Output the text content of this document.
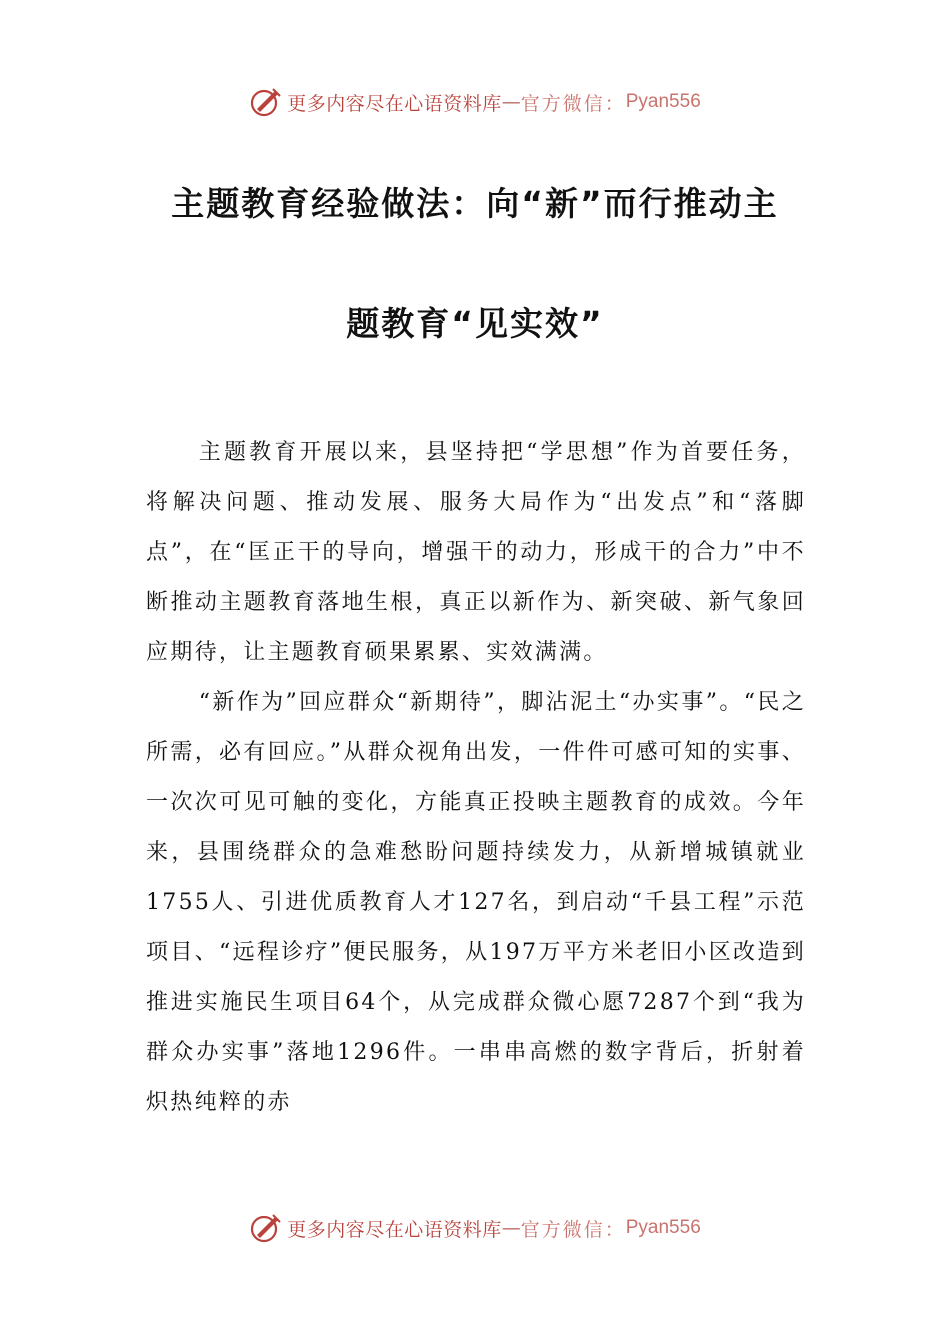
更多内容尽在心语资料库 — 官方微信： Pyan556
主题教育经验做法：向“新”而行推动主
题教育“见实效”

主题教育开展以来，县坚持把“学思想”作为首要任务，将解决问题、推动发展、服务大局作为“出发点”和“落脚点”，在“匡正干的导向，增强干的动力，形成干的合力”中不断推动主题教育落地生根，真正以新作为、新突破、新气象回应期待，让主题教育硕果累累、实效满满。

“新作为”回应群众“新期待”，脚沾泥土“办实事”。“民之所需，必有回应。”从群众视角出发，一件件可感可知的实事、一次次可见可触的变化，方能真正投映主题教育的成效。今年来，县围绕群众的急难愁盼问题持续发力，从新增城镇就业1755人、引进优质教育人才127名，到启动“千县工程”示范项目、“远程诊疗”便民服务，从197万平方米老旧小区改造到推进实施民生项目64个，从完成群众微心愿7287个到“我为群众办实事”落地1296件。一串串高燃的数字背后，折射着炽热纯粹的赤

更多内容尽在心语资料库 — 官方微信： Pyan556
